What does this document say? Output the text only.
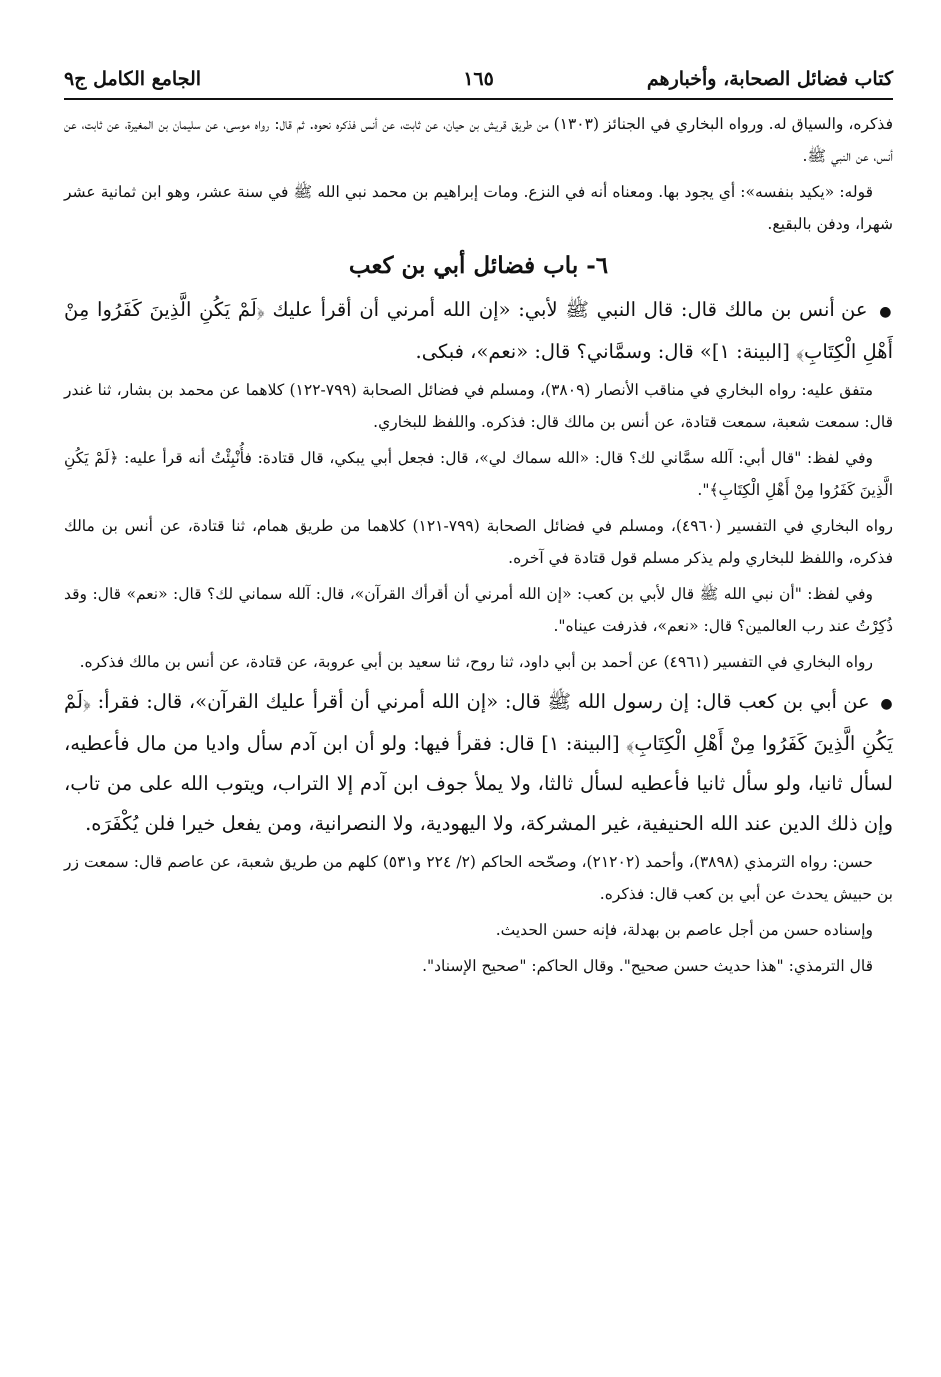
كتاب فضائل الصحابة، وأخبارهم
١٦٥
الجامع الكامل ج٩

فذكره، والسياق له. ورواه البخاري في الجنائز (١٣٠٣) من طريق قريش بن حيان، عن ثابت، عن أنس فذكره نحوه. ثم قال: رواه موسى، عن سليمان بن المغيرة، عن ثابت، عن أنس، عن النبي ﷺ.

قوله: «يكيد بنفسه»: أي يجود بها. ومعناه أنه في النزع. ومات إبراهيم بن محمد نبي الله ﷺ في سنة عشر، وهو ابن ثمانية عشر شهرا، ودفن بالبقيع.

٦- باب فضائل أبي بن كعب

● عن أنس بن مالك قال: قال النبي ﷺ لأبي: «إن الله أمرني أن أقرأ عليك ﴿لَمْ يَكُنِ الَّذِينَ كَفَرُوا مِنْ أَهْلِ الْكِتَابِ﴾ [البينة: ١]» قال: وسمَّاني؟ قال: «نعم»، فبكى.

متفق عليه: رواه البخاري في مناقب الأنصار (٣٨٠٩)، ومسلم في فضائل الصحابة (٧٩٩-١٢٢) كلاهما عن محمد بن بشار، ثنا غندر قال: سمعت شعبة، سمعت قتادة، عن أنس بن مالك قال: فذكره. واللفظ للبخاري.

وفي لفظ: "قال أبي: آلله سمَّاني لك؟ قال: «الله سماك لي»، قال: فجعل أبي يبكي، قال قتادة: فأُنْبِئْتُ أنه قرأ عليه: ﴿لَمْ يَكُنِ الَّذِينَ كَفَرُوا مِنْ أَهْلِ الْكِتَابِ﴾".

رواه البخاري في التفسير (٤٩٦٠)، ومسلم في فضائل الصحابة (٧٩٩-١٢١) كلاهما من طريق همام، ثنا قتادة، عن أنس بن مالك فذكره، واللفظ للبخاري ولم يذكر مسلم قول قتادة في آخره.

وفي لفظ: "أن نبي الله ﷺ قال لأبي بن كعب: «إن الله أمرني أن أقرأك القرآن»، قال: آلله سماني لك؟ قال: «نعم» قال: وقد ذُكِرْتُ عند رب العالمين؟ قال: «نعم»، فذرفت عيناه".

رواه البخاري في التفسير (٤٩٦١) عن أحمد بن أبي داود، ثنا روح، ثنا سعيد بن أبي عروبة، عن قتادة، عن أنس بن مالك فذكره.

● عن أبي بن كعب قال: إن رسول الله ﷺ قال: «إن الله أمرني أن أقرأ عليك القرآن»، قال: فقرأ: ﴿لَمْ يَكُنِ الَّذِينَ كَفَرُوا مِنْ أَهْلِ الْكِتَابِ﴾ [البينة: ١] قال: فقرأ فيها: ولو أن ابن آدم سأل واديا من مال فأعطيه، لسأل ثانيا، ولو سأل ثانيا فأعطيه لسأل ثالثا، ولا يملأ جوف ابن آدم إلا التراب، ويتوب الله على من تاب، وإن ذلك الدين عند الله الحنيفية، غير المشركة، ولا اليهودية، ولا النصرانية، ومن يفعل خيرا فلن يُكْفَرَه.

حسن: رواه الترمذي (٣٨٩٨)، وأحمد (٢١٢٠٢)، وصحّحه الحاكم (٢/ ٢٢٤ و٥٣١) كلهم من طريق شعبة، عن عاصم قال: سمعت زر بن حبيش يحدث عن أبي بن كعب قال: فذكره.

وإسناده حسن من أجل عاصم بن بهدلة، فإنه حسن الحديث.

قال الترمذي: "هذا حديث حسن صحيح". وقال الحاكم: "صحيح الإسناد".
